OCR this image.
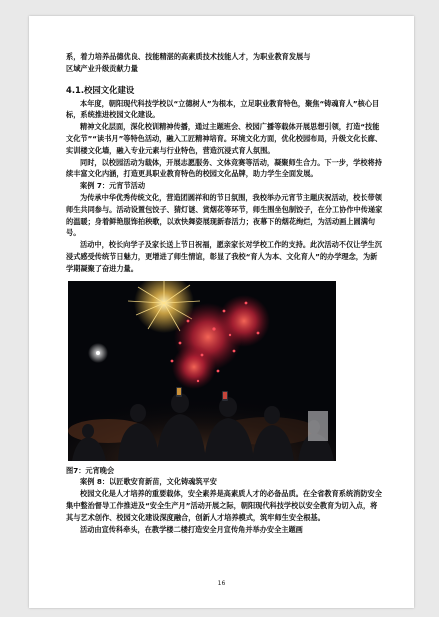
系，着力培养品德优良、技能精湛的高素质技术技能人才，为职业教育发展与

区域产业升级贡献力量

4.1.校园文化建设

本年度，朝阳现代科技学校以“立德树人”为根本，立足职业教育特色，聚焦“铸魂育人”核心目标，系统推进校园文化建设。

精神文化层面，深化校训精神传播，通过主题班会、校园广播等载体开展思想引领，打造“技能文化节”“读书月”等特色活动，融入工匠精神培育。环境文化方面，优化校园布局，升级文化长廊、实训楼文化墙，融入专业元素与行业特色，营造沉浸式育人氛围。

同时，以校园活动为载体，开展志愿服务、文体竞赛等活动，凝聚师生合力。下一步，学校将持续丰富文化内涵，打造更具职业教育特色的校园文化品牌，助力学生全面发展。

案例 7：元宵节活动

为传承中华优秀传统文化，营造团圆祥和的节日氛围，我校举办元宵节主题庆祝活动，校长带领师生共同参与。活动设置包饺子、猜灯谜、赏烟花等环节，师生围坐包制饺子，在分工协作中传递家的温暖；身着鲜艳服饰拍秧歌，以欢快舞姿展现新春活力；夜幕下的烟花绚烂，为活动画上圆满句号。

活动中，校长向学子及家长送上节日祝福，愿亲家长对学校工作的支持。此次活动不仅让学生沉浸式感受传统节日魅力，更增进了师生情谊，彰显了我校“育人为本、文化育人”的办学理念，为新学期凝聚了奋进力量。

图7：元宵晚会

案例 8：以匠歌安育新苗，文化铸魂筑平安

校园文化是人才培养的重要载体，安全素养是高素质人才的必备品质。在全省教育系统消防安全集中整治督导工作推进及“安全生产月”活动开展之际，朝阳现代科技学校以安全教育为切入点，将其与艺术创作、校园文化建设深度融合，创新人才培养模式，筑牢师生安全根基。

活动由宣传科牵头，在教学楼二楼打造安全月宣传角并举办安全主题画

16
